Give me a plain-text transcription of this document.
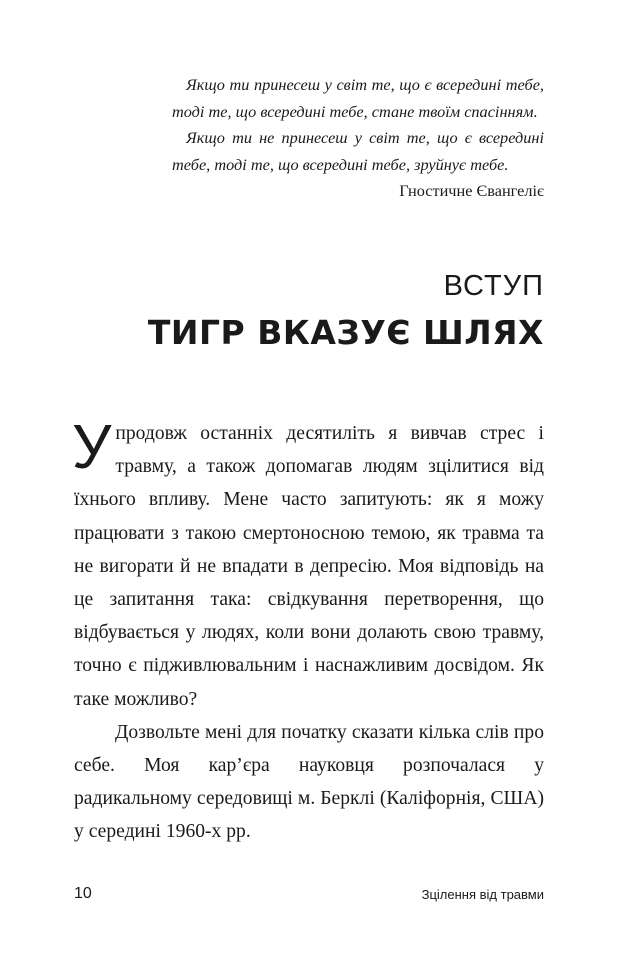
Якщо ти принесеш у світ те, що є всередині тебе, тоді те, що всередині тебе, стане твоїм спасінням.

Якщо ти не принесеш у світ те, що є всередині тебе, тоді те, що всередині тебе, зруйнує тебе.

Гностичне Євангеліє

ВСТУП
ТИГР ВКАЗУЄ ШЛЯХ

Упродовж останніх десятиліть я вивчав стрес і травму, а також допомагав людям зцілитися від їхнього впливу. Мене часто запитують: як я можу працювати з такою смертоносною темою, як травма та не вигорати й не впадати в депресію. Моя відповідь на це запитання така: свідкування перетворення, що відбувається у людях, коли вони долають свою травму, точно є підживлювальним і наснажливим досвідом. Як таке можливо?

Дозвольте мені для початку сказати кілька слів про себе. Моя кар’єра науковця розпочалася у радикальному середовищі м. Берклі (Каліфорнія, США) у середині 1960-х рр.

10	Зцілення від травми
